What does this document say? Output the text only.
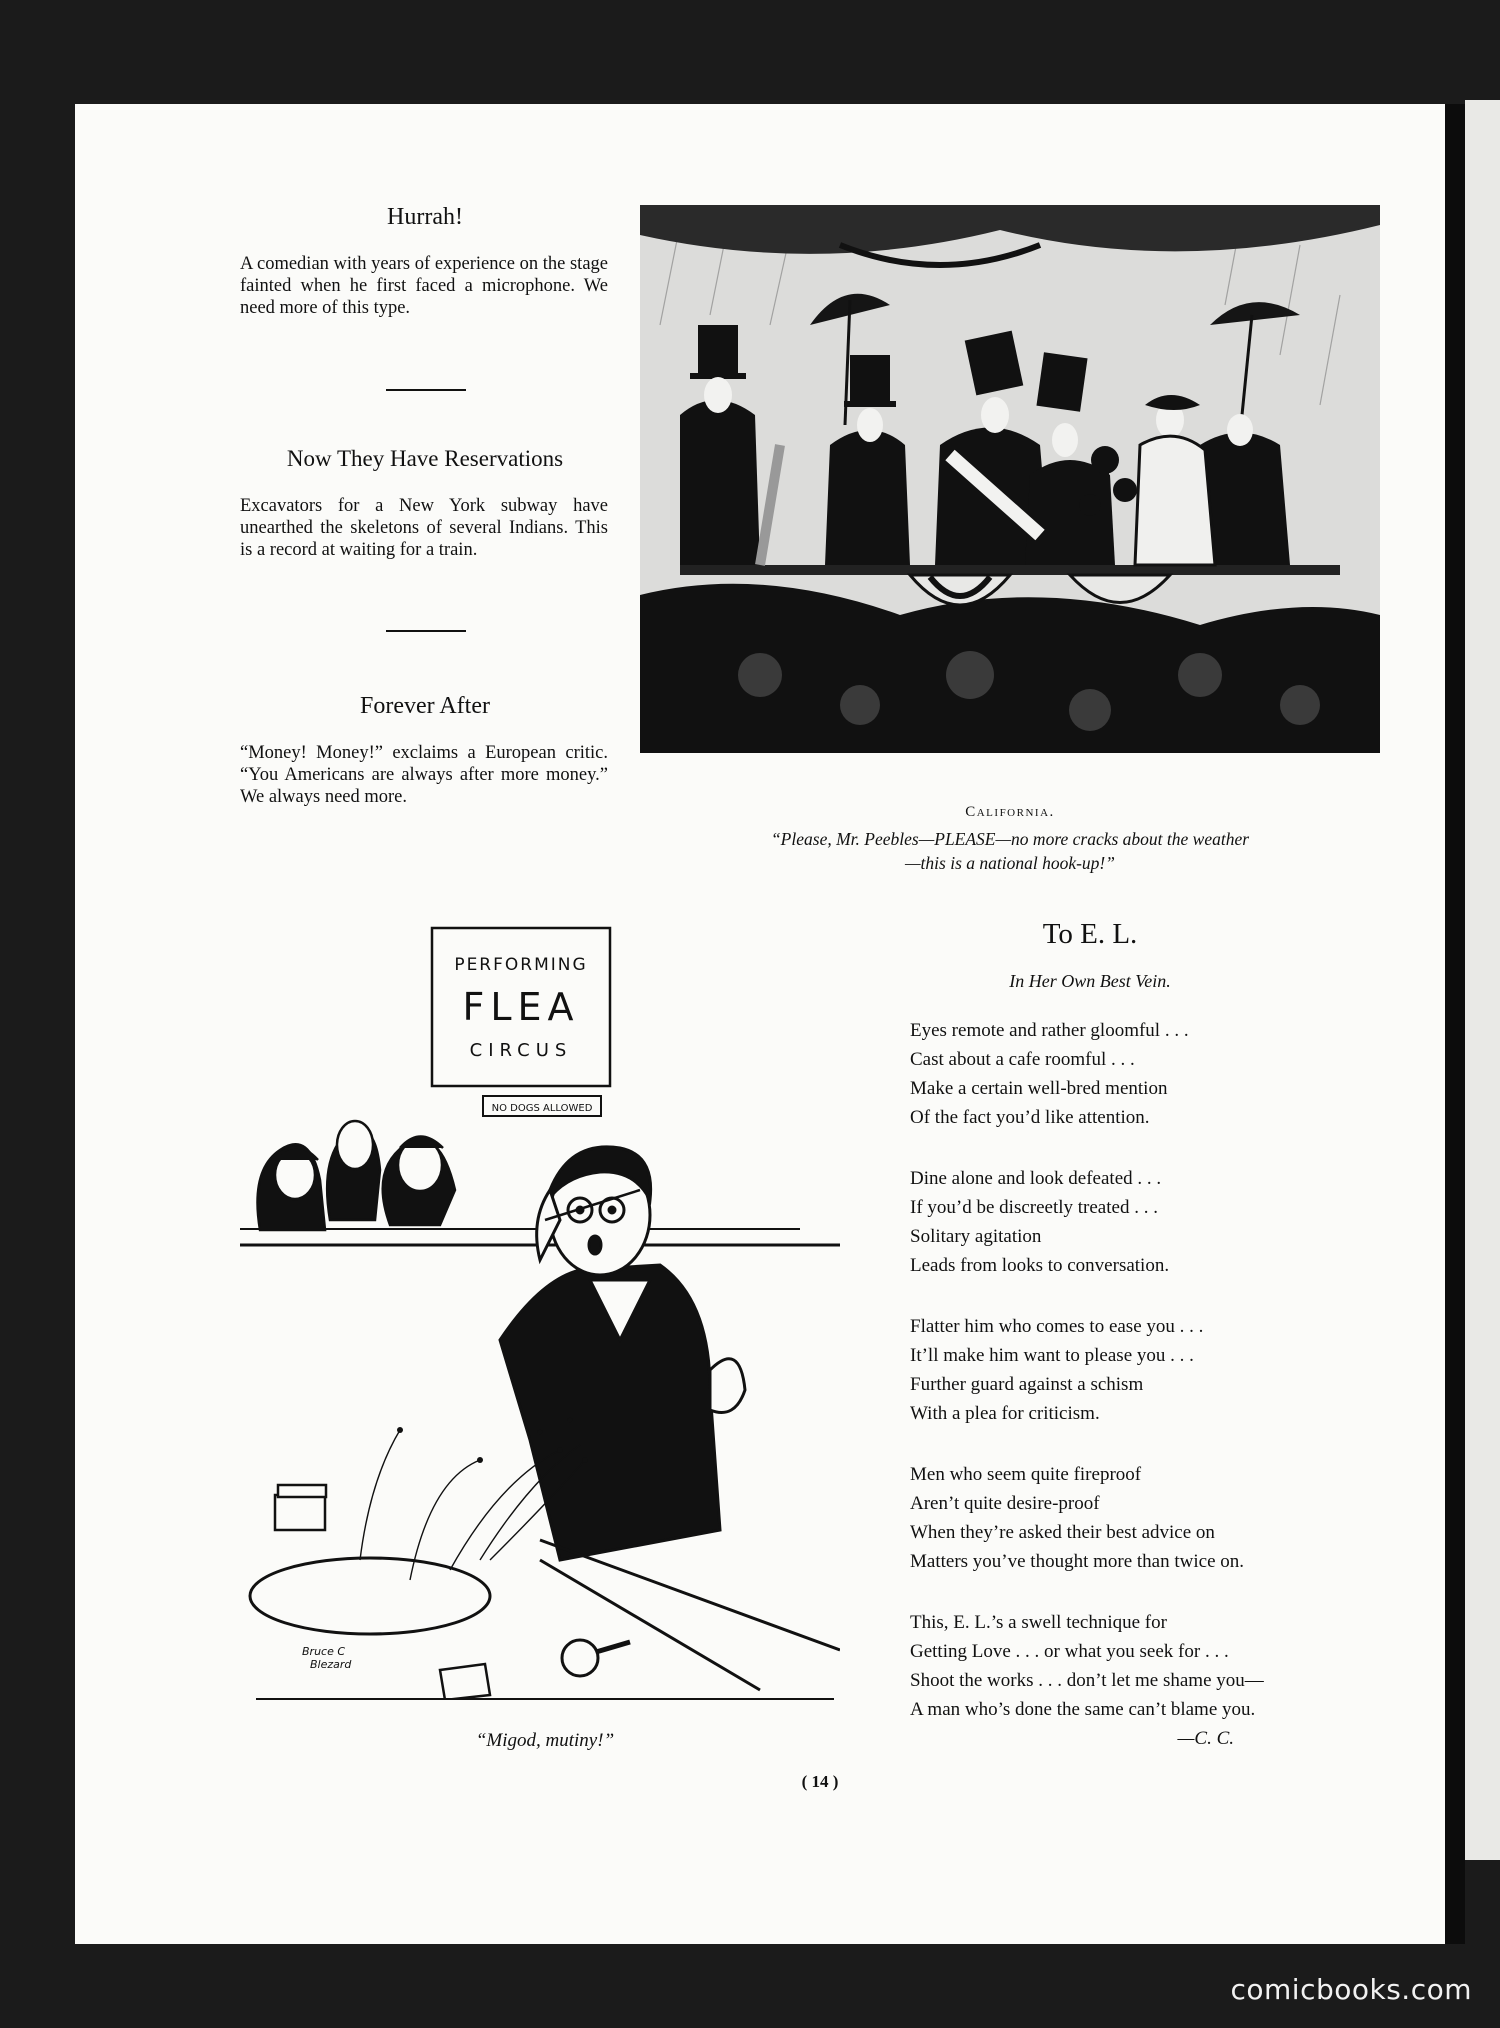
Hurrah!

A comedian with years of experience on the stage fainted when he first faced a microphone. We need more of this type.

Now They Have Reservations

Excavators for a New York subway have unearthed the skeletons of several Indians. This is a record at waiting for a train.

Forever After

“Money! Money!” exclaims a European critic. “You Americans are always after more money.” We always need more.

California.
“Please, Mr. Peebles—PLEASE—no more cracks about the weather
—this is a national hook-up!”
PERFORMING
FLEA
CIRCUS
NO DOGS ALLOWED
Bruce C
Blezard
“Migod, mutiny!”
To E. L.
In Her Own Best Vein.
Eyes remote and rather gloomful . . .
Cast about a cafe roomful . . .
Make a certain well-bred mention
Of the fact you’d like attention.
Dine alone and look defeated . . .
If you’d be discreetly treated . . .
Solitary agitation
Leads from looks to conversation.
Flatter him who comes to ease you . . .
It’ll make him want to please you . . .
Further guard against a schism
With a plea for criticism.
Men who seem quite fireproof
Aren’t quite desire-proof
When they’re asked their best advice on
Matters you’ve thought more than twice on.
This, E. L.’s a swell technique for
Getting Love . . . or what you seek for . . .
Shoot the works . . . don’t let me shame you—
A man who’s done the same can’t blame you.
—C. C.
( 14 )
comicbooks.com
